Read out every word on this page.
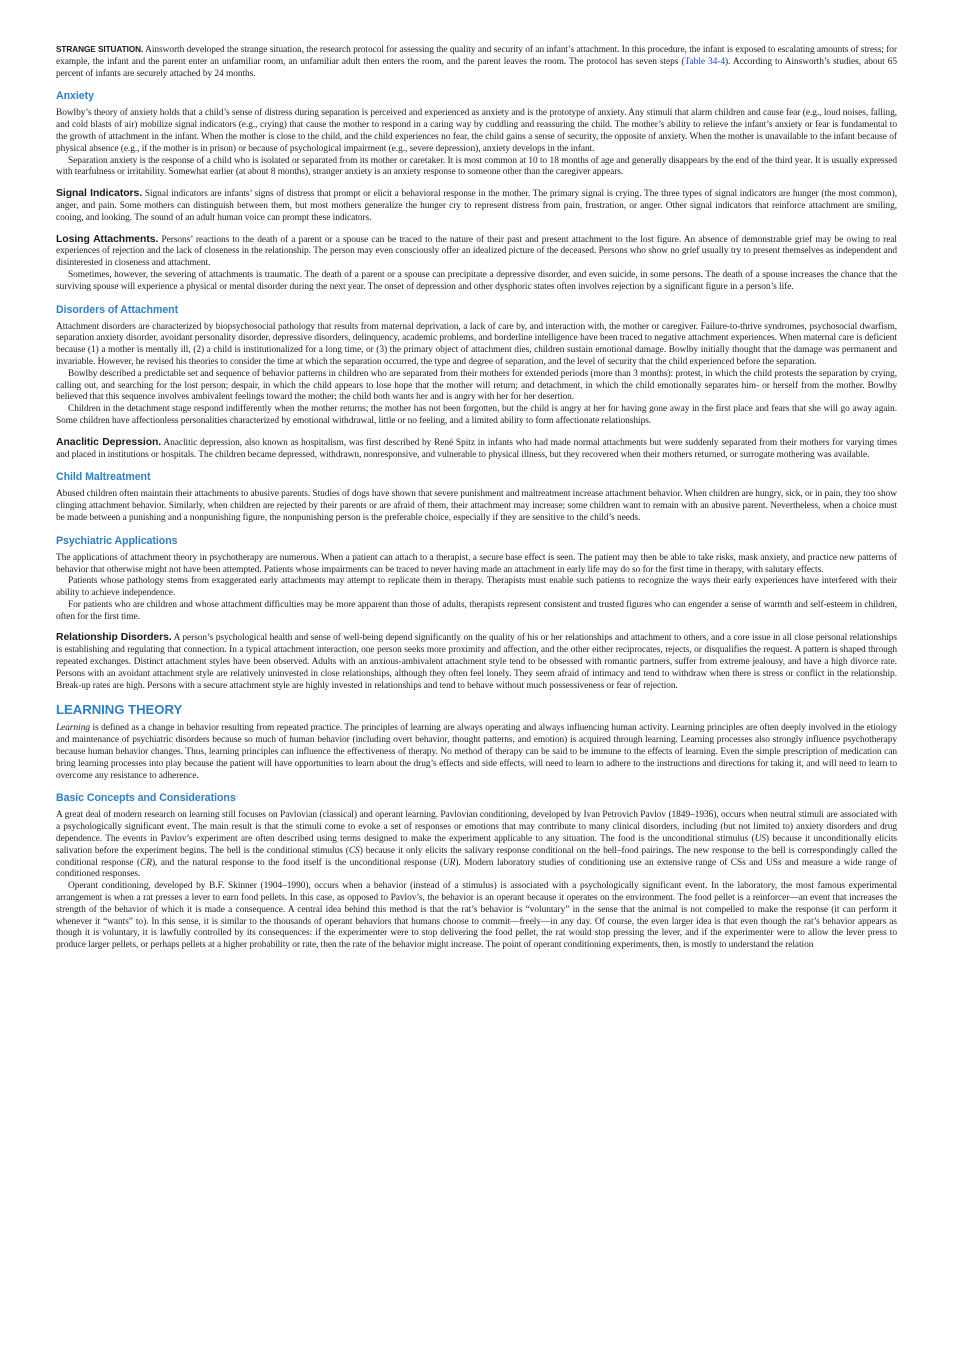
STRANGE SITUATION. Ainsworth developed the strange situation, the research protocol for assessing the quality and security of an infant’s attachment. In this procedure, the infant is exposed to escalating amounts of stress; for example, the infant and the parent enter an unfamiliar room, an unfamiliar adult then enters the room, and the parent leaves the room. The protocol has seven steps (Table 34-4). According to Ainsworth’s studies, about 65 percent of infants are securely attached by 24 months.

Anxiety

Bowlby’s theory of anxiety holds that a child’s sense of distress during separation is perceived and experienced as anxiety and is the prototype of anxiety. Any stimuli that alarm children and cause fear (e.g., loud noises, falling, and cold blasts of air) mobilize signal indicators (e.g., crying) that cause the mother to respond in a caring way by cuddling and reassuring the child. The mother’s ability to relieve the infant’s anxiety or fear is fundamental to the growth of attachment in the infant. When the mother is close to the child, and the child experiences no fear, the child gains a sense of security, the opposite of anxiety. When the mother is unavailable to the infant because of physical absence (e.g., if the mother is in prison) or because of psychological impairment (e.g., severe depression), anxiety develops in the infant.

Separation anxiety is the response of a child who is isolated or separated from its mother or caretaker. It is most common at 10 to 18 months of age and generally disappears by the end of the third year. It is usually expressed with tearfulness or irritability. Somewhat earlier (at about 8 months), stranger anxiety is an anxiety response to someone other than the caregiver appears.

Signal Indicators. Signal indicators are infants’ signs of distress that prompt or elicit a behavioral response in the mother. The primary signal is crying. The three types of signal indicators are hunger (the most common), anger, and pain. Some mothers can distinguish between them, but most mothers generalize the hunger cry to represent distress from pain, frustration, or anger. Other signal indicators that reinforce attachment are smiling, cooing, and looking. The sound of an adult human voice can prompt these indicators.

Losing Attachments. Persons’ reactions to the death of a parent or a spouse can be traced to the nature of their past and present attachment to the lost figure. An absence of demonstrable grief may be owing to real experiences of rejection and the lack of closeness in the relationship. The person may even consciously offer an idealized picture of the deceased. Persons who show no grief usually try to present themselves as independent and disinterested in closeness and attachment.

Sometimes, however, the severing of attachments is traumatic. The death of a parent or a spouse can precipitate a depressive disorder, and even suicide, in some persons. The death of a spouse increases the chance that the surviving spouse will experience a physical or mental disorder during the next year. The onset of depression and other dysphoric states often involves rejection by a significant figure in a person’s life.

Disorders of Attachment

Attachment disorders are characterized by biopsychosocial pathology that results from maternal deprivation, a lack of care by, and interaction with, the mother or caregiver. Failure-to-thrive syndromes, psychosocial dwarfism, separation anxiety disorder, avoidant personality disorder, depressive disorders, delinquency, academic problems, and borderline intelligence have been traced to negative attachment experiences. When maternal care is deficient because (1) a mother is mentally ill, (2) a child is institutionalized for a long time, or (3) the primary object of attachment dies, children sustain emotional damage. Bowlby initially thought that the damage was permanent and invariable. However, he revised his theories to consider the time at which the separation occurred, the type and degree of separation, and the level of security that the child experienced before the separation.

Bowlby described a predictable set and sequence of behavior patterns in children who are separated from their mothers for extended periods (more than 3 months): protest, in which the child protests the separation by crying, calling out, and searching for the lost person; despair, in which the child appears to lose hope that the mother will return; and detachment, in which the child emotionally separates him- or herself from the mother. Bowlby believed that this sequence involves ambivalent feelings toward the mother; the child both wants her and is angry with her for her desertion.

Children in the detachment stage respond indifferently when the mother returns; the mother has not been forgotten, but the child is angry at her for having gone away in the first place and fears that she will go away again. Some children have affectionless personalities characterized by emotional withdrawal, little or no feeling, and a limited ability to form affectionate relationships.

Anaclitic Depression. Anaclitic depression, also known as hospitalism, was first described by René Spitz in infants who had made normal attachments but were suddenly separated from their mothers for varying times and placed in institutions or hospitals. The children became depressed, withdrawn, nonresponsive, and vulnerable to physical illness, but they recovered when their mothers returned, or surrogate mothering was available.

Child Maltreatment

Abused children often maintain their attachments to abusive parents. Studies of dogs have shown that severe punishment and maltreatment increase attachment behavior. When children are hungry, sick, or in pain, they too show clinging attachment behavior. Similarly, when children are rejected by their parents or are afraid of them, their attachment may increase; some children want to remain with an abusive parent. Nevertheless, when a choice must be made between a punishing and a nonpunishing figure, the nonpunishing person is the preferable choice, especially if they are sensitive to the child’s needs.

Psychiatric Applications

The applications of attachment theory in psychotherapy are numerous. When a patient can attach to a therapist, a secure base effect is seen. The patient may then be able to take risks, mask anxiety, and practice new patterns of behavior that otherwise might not have been attempted. Patients whose impairments can be traced to never having made an attachment in early life may do so for the first time in therapy, with salutary effects.

Patients whose pathology stems from exaggerated early attachments may attempt to replicate them in therapy. Therapists must enable such patients to recognize the ways their early experiences have interfered with their ability to achieve independence.

For patients who are children and whose attachment difficulties may be more apparent than those of adults, therapists represent consistent and trusted figures who can engender a sense of warmth and self-esteem in children, often for the first time.

Relationship Disorders. A person’s psychological health and sense of well-being depend significantly on the quality of his or her relationships and attachment to others, and a core issue in all close personal relationships is establishing and regulating that connection. In a typical attachment interaction, one person seeks more proximity and affection, and the other either reciprocates, rejects, or disqualifies the request. A pattern is shaped through repeated exchanges. Distinct attachment styles have been observed. Adults with an anxious-ambivalent attachment style tend to be obsessed with romantic partners, suffer from extreme jealousy, and have a high divorce rate. Persons with an avoidant attachment style are relatively uninvested in close relationships, although they often feel lonely. They seem afraid of intimacy and tend to withdraw when there is stress or conflict in the relationship. Break-up rates are high. Persons with a secure attachment style are highly invested in relationships and tend to behave without much possessiveness or fear of rejection.

LEARNING THEORY

Learning is defined as a change in behavior resulting from repeated practice. The principles of learning are always operating and always influencing human activity. Learning principles are often deeply involved in the etiology and maintenance of psychiatric disorders because so much of human behavior (including overt behavior, thought patterns, and emotion) is acquired through learning. Learning processes also strongly influence psychotherapy because human behavior changes. Thus, learning principles can influence the effectiveness of therapy. No method of therapy can be said to be immune to the effects of learning. Even the simple prescription of medication can bring learning processes into play because the patient will have opportunities to learn about the drug’s effects and side effects, will need to learn to adhere to the instructions and directions for taking it, and will need to learn to overcome any resistance to adherence.

Basic Concepts and Considerations

A great deal of modern research on learning still focuses on Pavlovian (classical) and operant learning. Pavlovian conditioning, developed by Ivan Petrovich Pavlov (1849–1936), occurs when neutral stimuli are associated with a psychologically significant event. The main result is that the stimuli come to evoke a set of responses or emotions that may contribute to many clinical disorders, including (but not limited to) anxiety disorders and drug dependence. The events in Pavlov’s experiment are often described using terms designed to make the experiment applicable to any situation. The food is the unconditional stimulus (US) because it unconditionally elicits salivation before the experiment begins. The bell is the conditional stimulus (CS) because it only elicits the salivary response conditional on the bell–food pairings. The new response to the bell is correspondingly called the conditional response (CR), and the natural response to the food itself is the unconditional response (UR). Modern laboratory studies of conditioning use an extensive range of CSs and USs and measure a wide range of conditioned responses.

Operant conditioning, developed by B.F. Skinner (1904–1990), occurs when a behavior (instead of a stimulus) is associated with a psychologically significant event. In the laboratory, the most famous experimental arrangement is when a rat presses a lever to earn food pellets. In this case, as opposed to Pavlov’s, the behavior is an operant because it operates on the environment. The food pellet is a reinforcer—an event that increases the strength of the behavior of which it is made a consequence. A central idea behind this method is that the rat’s behavior is “voluntary” in the sense that the animal is not compelled to make the response (it can perform it whenever it “wants” to). In this sense, it is similar to the thousands of operant behaviors that humans choose to commit—freely—in any day. Of course, the even larger idea is that even though the rat’s behavior appears as though it is voluntary, it is lawfully controlled by its consequences: if the experimenter were to stop delivering the food pellet, the rat would stop pressing the lever, and if the experimenter were to allow the lever press to produce larger pellets, or perhaps pellets at a higher probability or rate, then the rate of the behavior might increase. The point of operant conditioning experiments, then, is mostly to understand the relation
